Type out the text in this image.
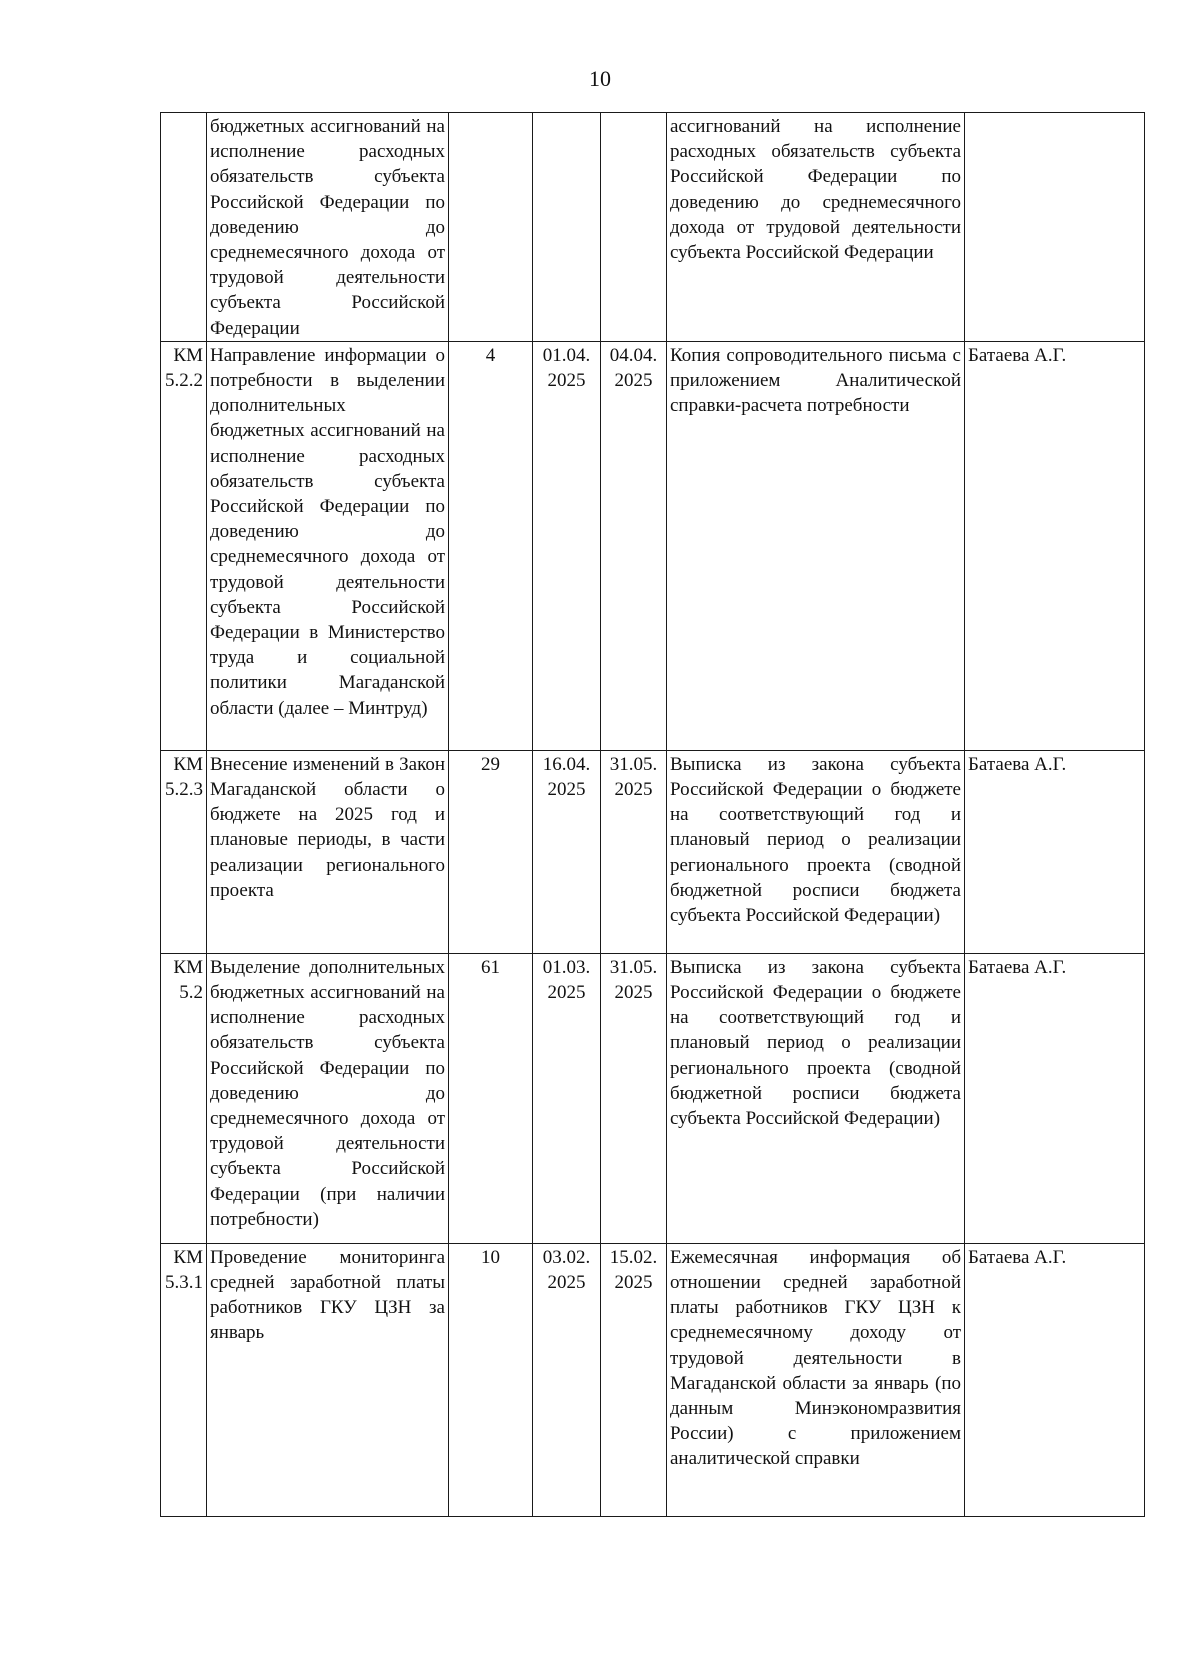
10
	бюджетных ассигнований на исполнение расходных обязательств субъекта Российской Федерации по доведению до среднемесячного дохода от трудовой деятельности субъекта Российской Федерации				ассигнований на исполнение расходных обязательств субъекта Российской Федерации по доведению до среднемесячного дохода от трудовой деятельности субъекта Российской Федерации	
КМ 5.2.2	Направление информации о потребности в выделении дополнительных бюджетных ассигнований на исполнение расходных обязательств субъекта Российской Федерации по доведению до среднемесячного дохода от трудовой деятельности субъекта Российской Федерации в Министерство труда и социальной политики Магаданской области (далее – Минтруд)	4	01.04. 2025	04.04. 2025	Копия сопроводительного письма с приложением Аналитической справки-расчета потребности	Батаева А.Г.
КМ 5.2.3	Внесение изменений в Закон Магаданской области о бюджете на 2025 год и плановые периоды, в части реализации регионального проекта	29	16.04. 2025	31.05. 2025	Выписка из закона субъекта Российской Федерации о бюджете на соответствующий год и плановый период о реализации регионального проекта (сводной бюджетной росписи бюджета субъекта Российской Федерации)	Батаева А.Г.
КМ 5.2	Выделение дополнительных бюджетных ассигнований на исполнение расходных обязательств субъекта Российской Федерации по доведению до среднемесячного дохода от трудовой деятельности субъекта Российской Федерации (при наличии потребности)	61	01.03. 2025	31.05. 2025	Выписка из закона субъекта Российской Федерации о бюджете на соответствующий год и плановый период о реализации регионального проекта (сводной бюджетной росписи бюджета субъекта Российской Федерации)	Батаева А.Г.
КМ 5.3.1	Проведение мониторинга средней заработной платы работников ГКУ ЦЗН за январь	10	03.02. 2025	15.02. 2025	Ежемесячная информация об отношении средней заработной платы работников ГКУ ЦЗН к среднемесячному доходу от трудовой деятельности в Магаданской области за январь (по данным Минэкономразвития России) с приложением аналитической справки	Батаева А.Г.
